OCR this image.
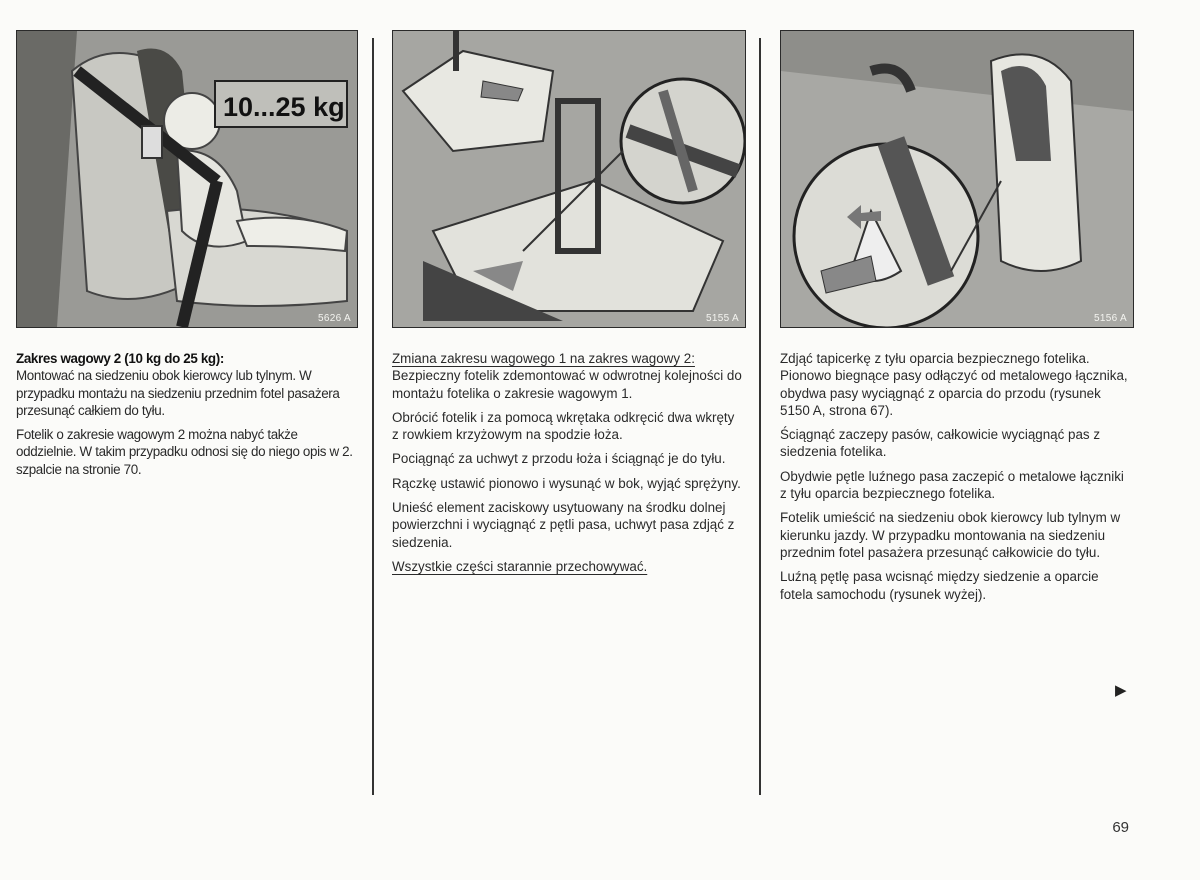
10...25 kg
5626 A	5155 A	5156 A

Zakres wagowy 2 (10 kg do 25 kg):
Montować na siedzeniu obok kierowcy lub tylnym. W przypadku montażu na siedzeniu przednim fotel pasażera przesunąć całkiem do tyłu.

Fotelik o zakresie wagowym 2 można nabyć także oddzielnie. W takim przypadku odnosi się do niego opis w 2. szpalcie na stronie 70.

Zmiana zakresu wagowego 1 na zakres wagowy 2:
Bezpieczny fotelik zdemontować w odwrotnej kolejności do montażu fotelika o zakresie wagowym 1.

Obrócić fotelik i za pomocą wkrętaka odkręcić dwa wkręty z rowkiem krzyżowym na spodzie łoża.

Pociągnąć za uchwyt z przodu łoża i ściągnąć je do tyłu.

Rączkę ustawić pionowo i wysunąć w bok, wyjąć sprężyny.

Unieść element zaciskowy usytuowany na środku dolnej powierzchni i wyciągnąć z pętli pasa, uchwyt pasa zdjąć z siedzenia.

Wszystkie części starannie przechowywać.

Zdjąć tapicerkę z tyłu oparcia bezpiecznego fotelika. Pionowo biegnące pasy odłączyć od metalowego łącznika, obydwa pasy wyciągnąć z oparcia do przodu (rysunek 5150 A, strona 67).

Ściągnąć zaczepy pasów, całkowicie wyciągnąć pas z siedzenia fotelika.

Obydwie pętle luźnego pasa zaczepić o metalowe łączniki z tyłu oparcia bezpiecznego fotelika.

Fotelik umieścić na siedzeniu obok kierowcy lub tylnym w kierunku jazdy. W przypadku montowania na siedzeniu przednim fotel pasażera przesunąć całkowicie do tyłu.

Luźną pętlę pasa wcisnąć między siedzenie a oparcie fotela samochodu (rysunek wyżej).

▶
69
